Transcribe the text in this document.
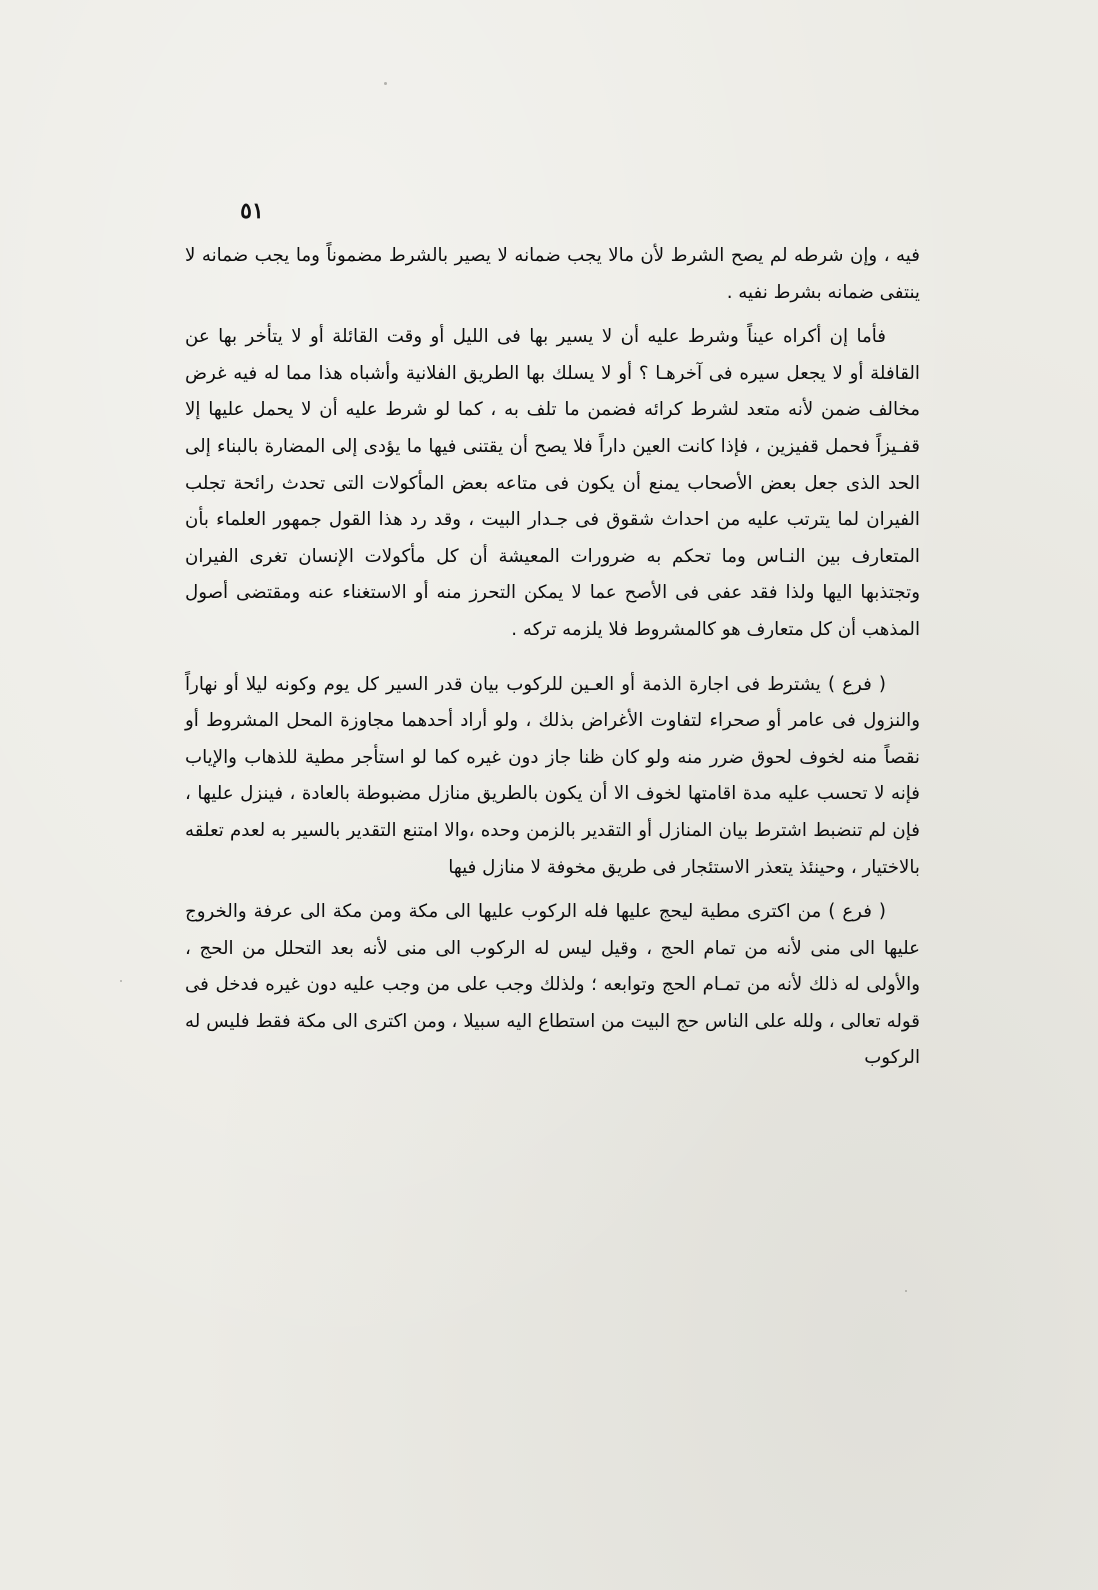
٥١

فيه ، وإن شرطه لم يصح الشرط لأن مالا يجب ضمانه لا يصير بالشرط مضموناً وما يجب ضمانه لا ينتفى ضمانه بشرط نفيه .

فأما إن أكراه عيناً وشرط عليه أن لا يسير بها فى الليل أو وقت القائلة أو لا يتأخر بها عن القافلة أو لا يجعل سيره فى آخرهـا ؟ أو لا يسلك بها الطريق الفلانية وأشباه هذا مما له فيه غرض مخالف ضمن لأنه متعد لشرط كرائه فضمن ما تلف به ، كما لو شرط عليه أن لا يحمل عليها إلا قفـيزاً فحمل قفيزين ، فإذا كانت العين داراً فلا يصح أن يقتنى فيها ما يؤدى إلى المضارة بالبناء إلى الحد الذى جعل بعض الأصحاب يمنع أن يكون فى متاعه بعض المأكولات التى تحدث رائحة تجلب الفيران لما يترتب عليه من احداث شقوق فى جـدار البيت ، وقد رد هذا القول جمهور العلماء بأن المتعارف بين النـاس وما تحكم به ضرورات المعيشة أن كل مأكولات الإنسان تغرى الفيران وتجتذبها اليها ولذا فقد عفى فى الأصح عما لا يمكن التحرز منه أو الاستغناء عنه ومقتضى أصول المذهب أن كل متعارف هو كالمشروط فلا يلزمه تركه .

( فرع ) يشترط فى اجارة الذمة أو العـين للركوب بيان قدر السير كل يوم وكونه ليلا أو نهاراً والنزول فى عامر أو صحراء لتفاوت الأغراض بذلك ، ولو أراد أحدهما مجاوزة المحل المشروط أو نقصاً منه لخوف لحوق ضرر منه ولو كان ظنا جاز دون غيره كما لو استأجر مطية للذهاب والإياب فإنه لا تحسب عليه مدة اقامتها لخوف الا أن يكون بالطريق منازل مضبوطة بالعادة ، فينزل عليها ، فإن لم تنضبط اشترط بيان المنازل أو التقدير بالزمن وحده ،والا امتنع التقدير بالسير به لعدم تعلقه بالاختيار ، وحينئذ يتعذر الاستئجار فى طريق مخوفة لا منازل فيها

( فرع ) من اكترى مطية ليحج عليها فله الركوب عليها الى مكة ومن مكة الى عرفة والخروج عليها الى منى لأنه من تمام الحج ، وقيل ليس له الركوب الى منى لأنه بعد التحلل من الحج ، والأولى له ذلك لأنه من تمـام الحج وتوابعه ؛ ولذلك وجب على من وجب عليه دون غيره فدخل فى قوله تعالى ، ولله على الناس حج البيت من استطاع اليه سبيلا ، ومن اكترى الى مكة فقط فليس له الركوب
